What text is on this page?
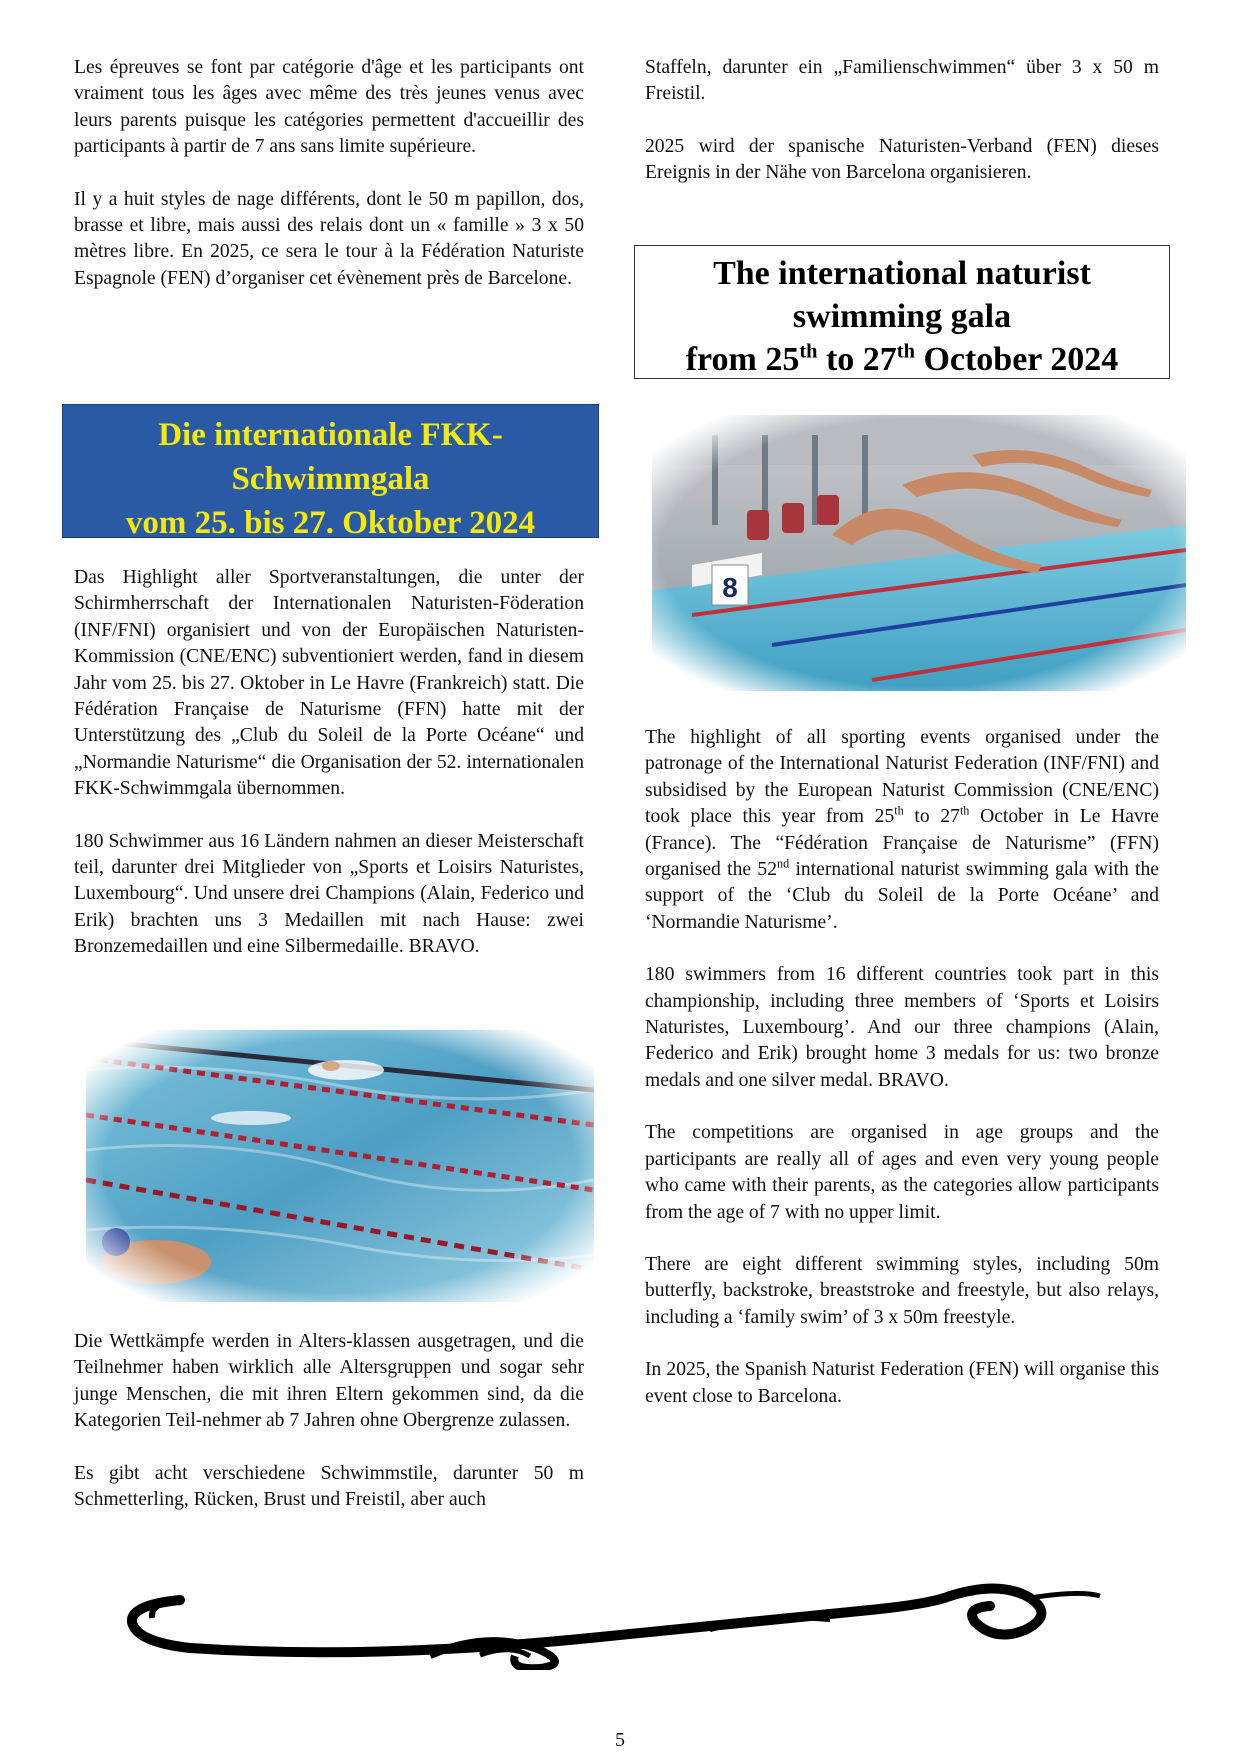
Les épreuves se font par catégorie d'âge et les participants ont vraiment tous les âges avec même des très jeunes venus avec leurs parents puisque les catégories permettent d'accueillir des participants à partir de 7 ans sans limite supérieure.

Il y a huit styles de nage différents, dont le 50 m papillon, dos, brasse et libre, mais aussi des relais dont un « famille » 3 x 50 mètres libre. En 2025, ce sera le tour à la Fédération Naturiste Espagnole (FEN) d’organiser cet évènement près de Barcelone.

Die internationale FKK-
Schwimmgala
vom 25. bis 27. Oktober 2024

Das Highlight aller Sportveranstaltungen, die unter der Schirmherrschaft der Internationalen Naturisten-Föderation (INF/FNI) organisiert und von der Europäischen Naturisten-Kommission (CNE/ENC) subventioniert werden, fand in diesem Jahr vom 25. bis 27. Oktober in Le Havre (Frankreich) statt. Die Fédération Française de Naturisme (FFN) hatte mit der Unterstützung des „Club du Soleil de la Porte Océane“ und „Normandie Naturisme“ die Organisation der 52. internationalen FKK-Schwimmgala übernommen.

180 Schwimmer aus 16 Ländern nahmen an dieser Meisterschaft teil, darunter drei Mitglieder von „Sports et Loisirs Naturistes, Luxembourg“. Und unsere drei Champions (Alain, Federico und Erik) brachten uns 3 Medaillen mit nach Hause: zwei Bronzemedaillen und eine Silbermedaille. BRAVO.

Die Wettkämpfe werden in Alters-klassen ausgetragen, und die Teilnehmer haben wirklich alle Altersgruppen und sogar sehr junge Menschen, die mit ihren Eltern gekommen sind, da die Kategorien Teil-nehmer ab 7 Jahren ohne Obergrenze zulassen.

Es gibt acht verschiedene Schwimmstile, darunter 50 m Schmetterling, Rücken, Brust und Freistil, aber auch

Staffeln, darunter ein „Familienschwimmen“ über 3 x 50 m Freistil.

2025 wird der spanische Naturisten-Verband (FEN) dieses Ereignis in der Nähe von Barcelona organisieren.

The international naturist
swimming gala
from 25th to 27th October 2024

The highlight of all sporting events organised under the patronage of the International Naturist Federation (INF/FNI) and subsidised by the European Naturist Commission (CNE/ENC) took place this year from 25th to 27th October in Le Havre (France). The “Fédération Française de Naturisme” (FFN) organised the 52nd international naturist swimming gala with the support of the ‘Club du Soleil de la Porte Océane’ and ‘Normandie Naturisme’.

180 swimmers from 16 different countries took part in this championship, including three members of ‘Sports et Loisirs Naturistes, Luxembourg’. And our three champions (Alain, Federico and Erik) brought home 3 medals for us: two bronze medals and one silver medal. BRAVO.

The competitions are organised in age groups and the participants are really all of ages and even very young people who came with their parents, as the categories allow participants from the age of 7 with no upper limit.

There are eight different swimming styles, including 50m butterfly, backstroke, breaststroke and freestyle, but also relays, including a ‘family swim’ of 3 x 50m freestyle.

In 2025, the Spanish Naturist Federation (FEN) will organise this event close to Barcelona.

5
